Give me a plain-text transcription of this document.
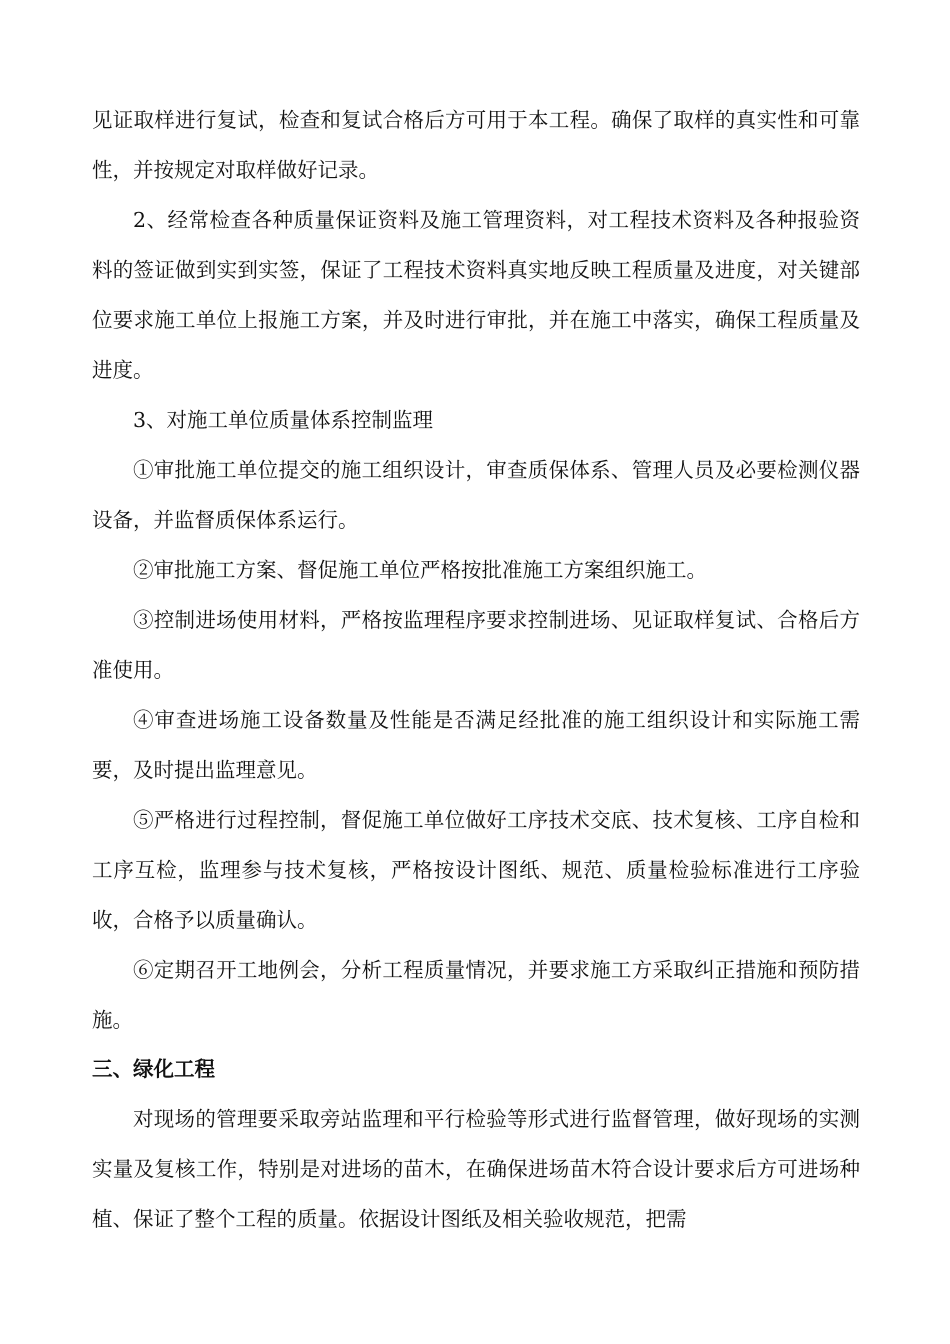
见证取样进行复试，检查和复试合格后方可用于本工程。确保了取样的真实性和可靠性，并按规定对取样做好记录。

2、经常检查各种质量保证资料及施工管理资料，对工程技术资料及各种报验资料的签证做到实到实签，保证了工程技术资料真实地反映工程质量及进度，对关键部位要求施工单位上报施工方案，并及时进行审批，并在施工中落实，确保工程质量及进度。

3、对施工单位质量体系控制监理

①审批施工单位提交的施工组织设计，审查质保体系、管理人员及必要检测仪器设备，并监督质保体系运行。

②审批施工方案、督促施工单位严格按批准施工方案组织施工。

③控制进场使用材料，严格按监理程序要求控制进场、见证取样复试、合格后方准使用。

④审查进场施工设备数量及性能是否满足经批准的施工组织设计和实际施工需要，及时提出监理意见。

⑤严格进行过程控制，督促施工单位做好工序技术交底、技术复核、工序自检和工序互检，监理参与技术复核，严格按设计图纸、规范、质量检验标准进行工序验收，合格予以质量确认。

⑥定期召开工地例会，分析工程质量情况，并要求施工方采取纠正措施和预防措施。

三、绿化工程

对现场的管理要采取旁站监理和平行检验等形式进行监督管理，做好现场的实测实量及复核工作，特别是对进场的苗木，在确保进场苗木符合设计要求后方可进场种植、保证了整个工程的质量。依据设计图纸及相关验收规范，把需
